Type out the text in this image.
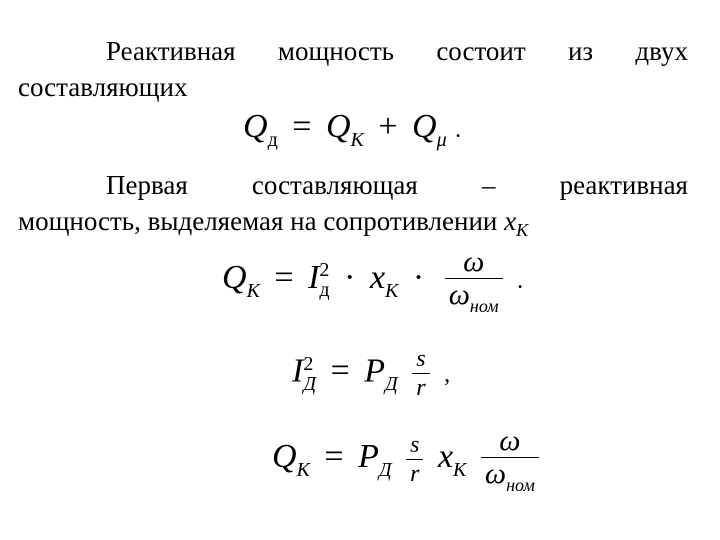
Реактивная мощность состоит из двух
составляющих
$Q_д = Q_K + Q_\mu$ .
Первая составляющая – реактивная
мощность, выделяемая на сопротивлении $x_K$
$Q_K = I$ 2
$д \cdot x_K \cdot \frac{\omega}{\omega_{ном}}$ .
I 2
$Д = P_Д \frac{s}{r}$ ,
$Q_K = P_Д \frac{s}{r} x_K \frac{\omega}{\omega_{ном}}$
